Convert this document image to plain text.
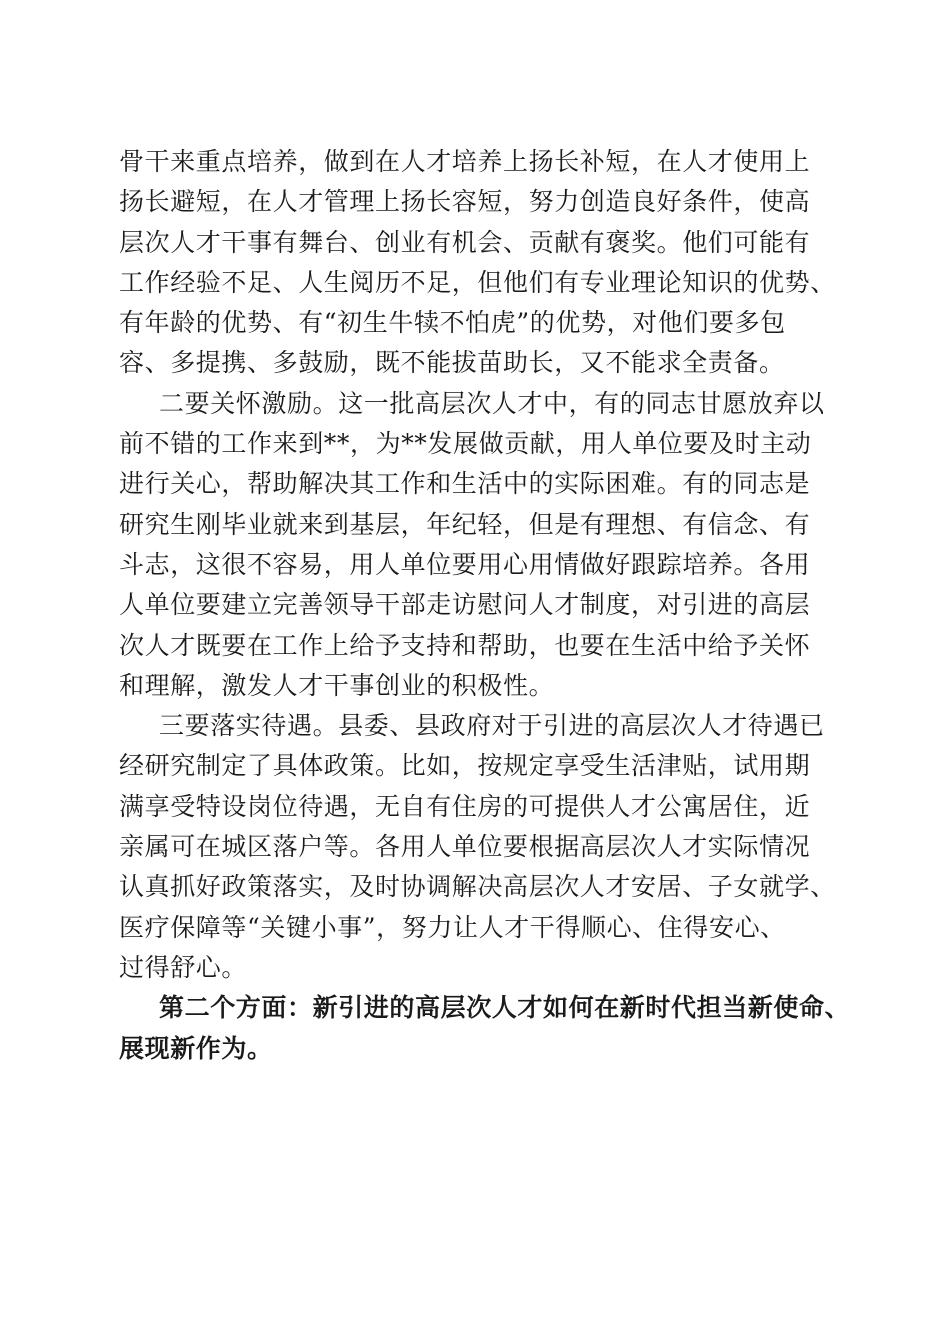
骨干来重点培养，做到在人才培养上扬长补短，在人才使用上
扬长避短，在人才管理上扬长容短，努力创造良好条件，使高
层次人才干事有舞台、创业有机会、贡献有褒奖。他们可能有
工作经验不足、人生阅历不足，但他们有专业理论知识的优势、
有年龄的优势、有“初生牛犊不怕虎”的优势，对他们要多包
容、多提携、多鼓励，既不能拔苗助长，又不能求全责备。
二要关怀激励。这一批高层次人才中，有的同志甘愿放弃以
前不错的工作来到**，为**发展做贡献，用人单位要及时主动
进行关心，帮助解决其工作和生活中的实际困难。有的同志是
研究生刚毕业就来到基层，年纪轻，但是有理想、有信念、有
斗志，这很不容易，用人单位要用心用情做好跟踪培养。各用
人单位要建立完善领导干部走访慰问人才制度，对引进的高层
次人才既要在工作上给予支持和帮助，也要在生活中给予关怀
和理解，激发人才干事创业的积极性。
三要落实待遇。县委、县政府对于引进的高层次人才待遇已
经研究制定了具体政策。比如，按规定享受生活津贴，试用期
满享受特设岗位待遇，无自有住房的可提供人才公寓居住，近
亲属可在城区落户等。各用人单位要根据高层次人才实际情况
认真抓好政策落实，及时协调解决高层次人才安居、子女就学、
医疗保障等“关键小事”，努力让人才干得顺心、住得安心、
过得舒心。
第二个方面：新引进的高层次人才如何在新时代担当新使命、
展现新作为。
